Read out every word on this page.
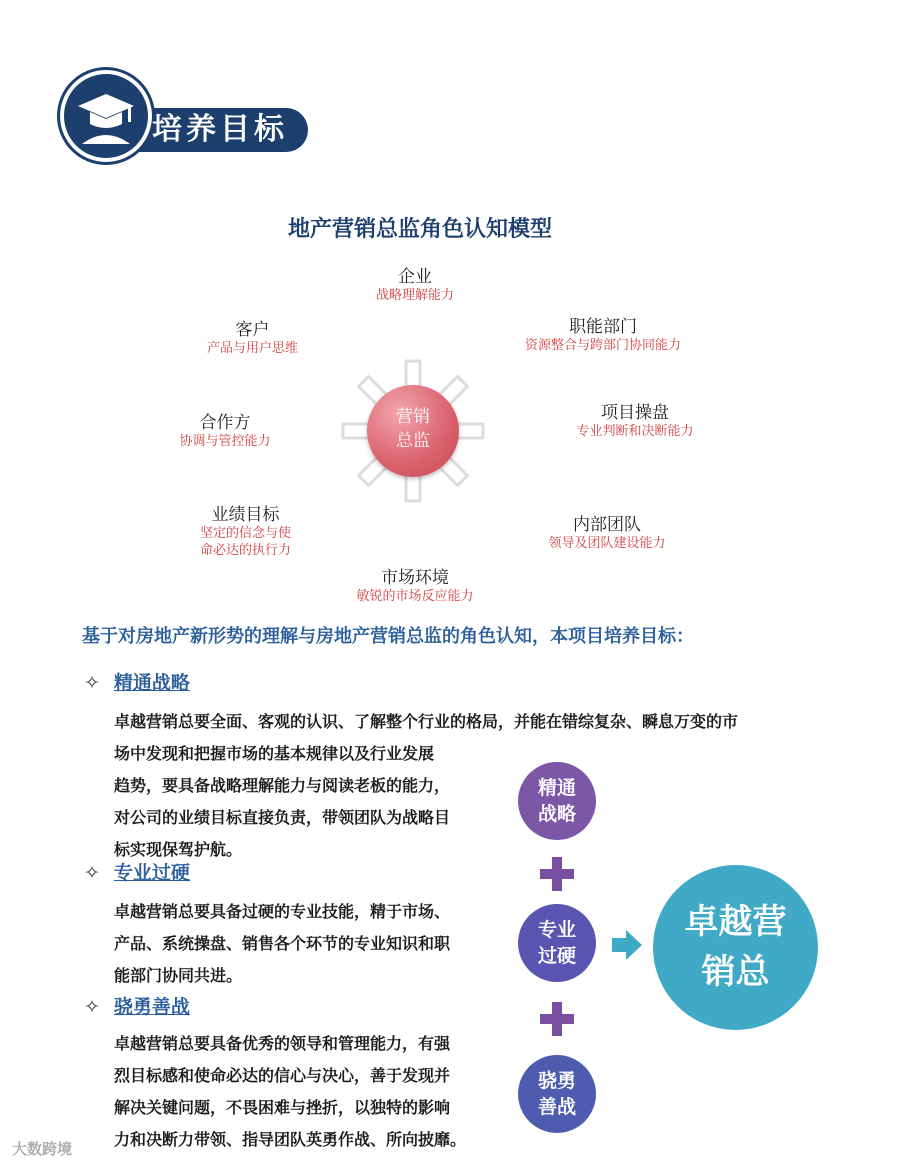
培养目标
地产营销总监角色认知模型
营销
总监
企业
战略理解能力
职能部门
资源整合与跨部门协同能力
项目操盘
专业判断和决断能力
内部团队
领导及团队建设能力
市场环境
敏锐的市场反应能力
业绩目标
坚定的信念与使
命必达的执行力
合作方
协调与管控能力
客户
产品与用户思维
基于对房地产新形势的理解与房地产营销总监的角色认知，本项目培养目标：
✧ 精通战略
卓越营销总要全面、客观的认识、了解整个行业的格局，并能在错综复杂、瞬息万变的市
场中发现和把握市场的基本规律以及行业发展
趋势，要具备战略理解能力与阅读老板的能力，
对公司的业绩目标直接负责，带领团队为战略目
标实现保驾护航。
✧ 专业过硬
卓越营销总要具备过硬的专业技能，精于市场、
产品、系统操盘、销售各个环节的专业知识和职
能部门协同共进。
✧ 骁勇善战
卓越营销总要具备优秀的领导和管理能力，有强
烈目标感和使命必达的信心与决心，善于发现并
解决关键问题，不畏困难与挫折，以独特的影响
力和决断力带领、指导团队英勇作战、所向披靡。
精通
战略
专业
过硬
骁勇
善战
卓越营
销总
大数跨境
